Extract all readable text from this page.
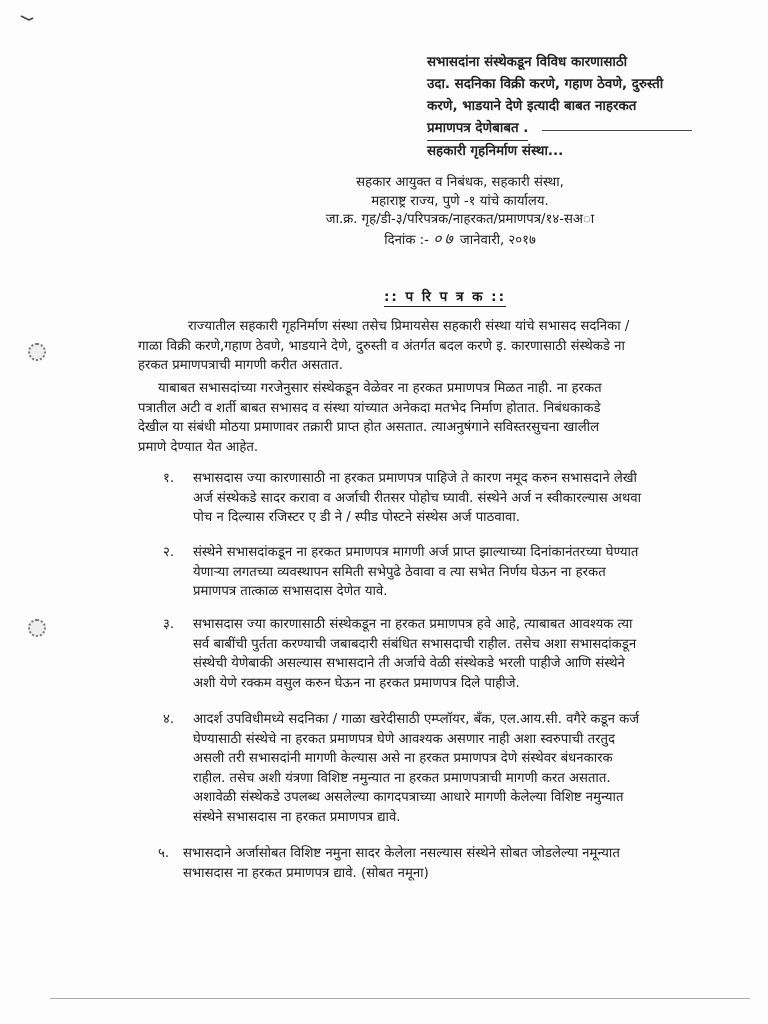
सभासदांना संस्थेकडून विविध कारणासाठी
उदा. सदनिका विक्री करणे, गहाण ठेवणे, दुरुस्ती
करणे, भाडयाने देणे इत्यादी बाबत नाहरकत
प्रमाणपत्र देणेबाबत .
सहकारी गृहनिर्माण संस्था...
सहकार आयुक्त व निबंधक, सहकारी संस्था,
महाराष्ट्र राज्य, पुणे -१ यांचे कार्यालय.
जा.क्र. गृह/डी-३/परिपत्रक/नाहरकत/प्रमाणपत्र/१४-सअा
दिनांक :- ०७ जानेवारी, २०१७
:: प रि प त्र क ::
राज्यातील सहकारी गृहनिर्माण संस्था तसेच प्रिमायसेस सहकारी संस्था यांचे सभासद सदनिका /
गाळा विक्री करणे,गहाण ठेवणे, भाडयाने देणे, दुरुस्ती व अंतर्गत बदल करणे इ. कारणासाठी संस्थेकडे ना
हरकत प्रमाणपत्राची मागणी करीत असतात.
याबाबत सभासदांच्या गरजेनुसार संस्थेकडून वेळेवर ना हरकत प्रमाणपत्र मिळत नाही. ना हरकत
पत्रातील अटी व शर्ती बाबत सभासद व संस्था यांच्यात अनेकदा मतभेद निर्माण होतात. निबंधकाकडे
देखील या संबंधी मोठया प्रमाणावर तक्रारी प्राप्त होत असतात. त्याअनुषंगाने सविस्तरसुचना खालील
प्रमाणे देण्यात येत आहेत.
१. सभासदास ज्या कारणासाठी ना हरकत प्रमाणपत्र पाहिजे ते कारण नमूद करुन सभासदाने लेखी
अर्ज संस्थेकडे सादर करावा व अर्जाची रीतसर पोहोच घ्यावी. संस्थेने अर्ज न स्वीकारल्यास अथवा
पोच न दिल्यास रजिस्टर ए डी ने / स्पीड पोस्टने संस्थेस अर्ज पाठवावा.
२. संस्थेने सभासदांकडून ना हरकत प्रमाणपत्र मागणी अर्ज प्राप्त झाल्याच्या दिनांकानंतरच्या घेण्यात
येणाऱ्या लगतच्या व्यवस्थापन समिती सभेपुढे ठेवावा व त्या सभेत निर्णय घेऊन ना हरकत
प्रमाणपत्र तात्काळ सभासदास देणेत यावे.
३. सभासदास ज्या कारणासाठी संस्थेकडून ना हरकत प्रमाणपत्र हवे आहे, त्याबाबत आवश्यक त्या
सर्व बाबींची पुर्तता करण्याची जबाबदारी संबंधित सभासदाची राहील. तसेच अशा सभासदांकडून
संस्थेची येणेबाकी असल्यास सभासदाने ती अर्जाचे वेळी संस्थेकडे भरली पाहीजे आणि संस्थेने
अशी येणे रक्कम वसुल करुन घेऊन ना हरकत प्रमाणपत्र दिले पाहीजे.
४. आदर्श उपविधीमध्ये सदनिका / गाळा खरेदीसाठी एम्प्लॉयर, बँक, एल.आय.सी. वगैरे कडून कर्ज
घेण्यासाठी संस्थेचे ना हरकत प्रमाणपत्र घेणे आवश्यक असणार नाही अशा स्वरुपाची तरतुद
असली तरी सभासदांनी मागणी केल्यास असे ना हरकत प्रमाणपत्र देणे संस्थेवर बंधनकारक
राहील. तसेच अशी यंत्रणा विशिष्ट नमुन्यात ना हरकत प्रमाणपत्राची मागणी करत असतात.
अशावेळी संस्थेकडे उपलब्ध असलेल्या कागदपत्राच्या आधारे मागणी केलेल्या विशिष्ट नमुन्यात
संस्थेने सभासदास ना हरकत प्रमाणपत्र द्यावे.
५. सभासदाने अर्जासोबत विशिष्ट नमुना सादर केलेला नसल्यास संस्थेने सोबत जोडलेल्या नमून्यात
सभासदास ना हरकत प्रमाणपत्र द्यावे. (सोबत नमूना)
